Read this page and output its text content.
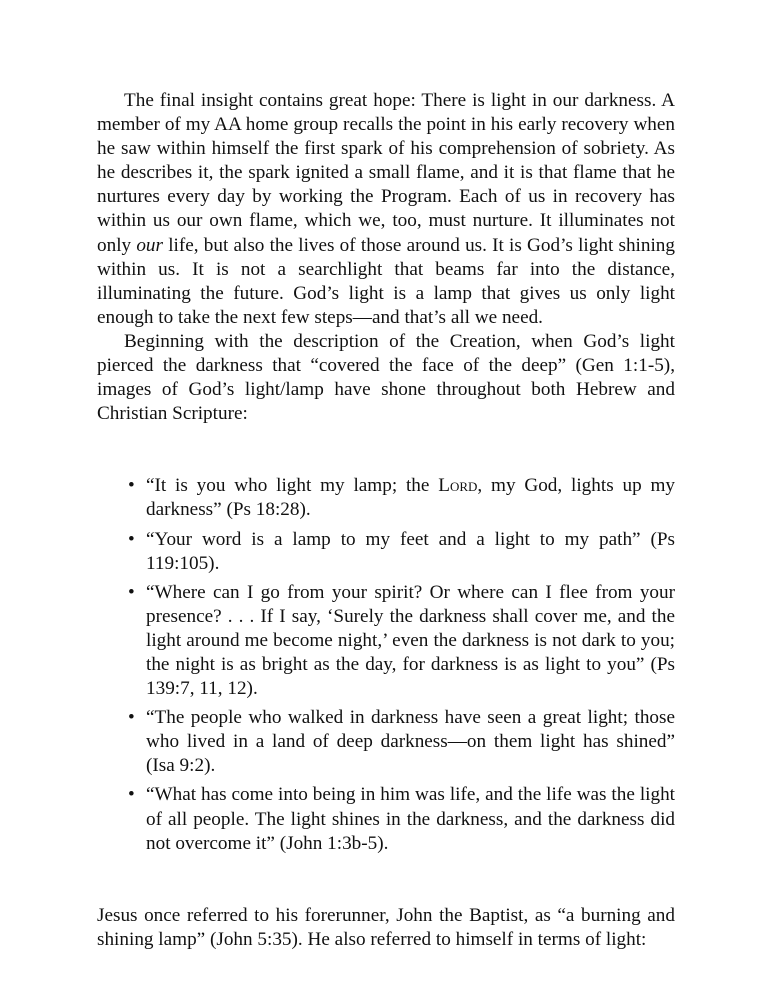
The final insight contains great hope: There is light in our darkness. A member of my AA home group recalls the point in his early recovery when he saw within himself the first spark of his comprehension of sobriety. As he describes it, the spark ignited a small flame, and it is that flame that he nurtures every day by working the Program. Each of us in recovery has within us our own flame, which we, too, must nurture. It illuminates not only our life, but also the lives of those around us. It is God’s light shining within us. It is not a searchlight that beams far into the distance, illuminating the future. God’s light is a lamp that gives us only light enough to take the next few steps—and that’s all we need.

Beginning with the description of the Creation, when God’s light pierced the darkness that “covered the face of the deep” (Gen 1:1-5), images of God’s light/lamp have shone throughout both Hebrew and Christian Scripture:

• “It is you who light my lamp; the Lord, my God, lights up my darkness” (Ps 18:28).
• “Your word is a lamp to my feet and a light to my path” (Ps 119:105).
• “Where can I go from your spirit? Or where can I flee from your presence? . . . If I say, ‘Surely the darkness shall cover me, and the light around me become night,’ even the darkness is not dark to you; the night is as bright as the day, for darkness is as light to you” (Ps 139:7, 11, 12).
• “The people who walked in darkness have seen a great light; those who lived in a land of deep darkness—on them light has shined” (Isa 9:2).
• “What has come into being in him was life, and the life was the light of all people. The light shines in the darkness, and the darkness did not overcome it” (John 1:3b-5).

Jesus once referred to his forerunner, John the Baptist, as “a burning and shining lamp” (John 5:35). He also referred to himself in terms of light:
